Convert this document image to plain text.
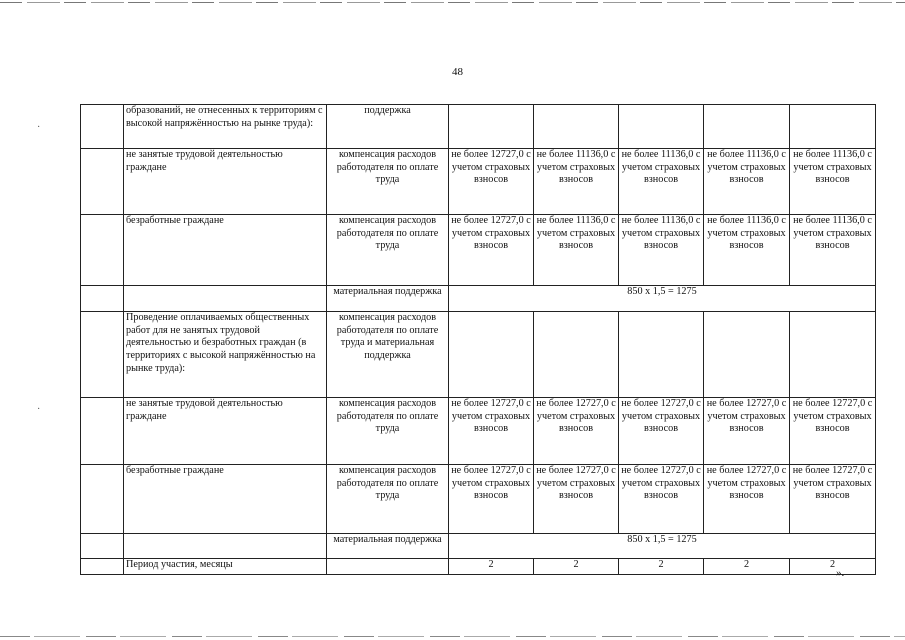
48
·
·
	образований, не отнесенных к территориям с высокой напряжённостью на рынке труда):	поддержка					
	не занятые трудовой деятельностью граждане	компенсация расходов работодателя по оплате труда	не более 12727,0 с учетом страховых взносов	не более 11136,0 с учетом страховых взносов	не более 11136,0 с учетом страховых взносов	не более 11136,0 с учетом страховых взносов	не более 11136,0 с учетом страховых взносов
	безработные граждане	компенсация расходов работодателя по оплате труда	не более 12727,0 с учетом страховых взносов	не более 11136,0 с учетом страховых взносов	не более 11136,0 с учетом страховых взносов	не более 11136,0 с учетом страховых взносов	не более 11136,0 с учетом страховых взносов
		материальная поддержка	850 x 1,5 = 1275				
	Проведение оплачиваемых общественных работ для не занятых трудовой деятельностью и безработных граждан (в территориях с высокой напряжённостью на рынке труда):	компенсация расходов работодателя по оплате труда и материальная поддержка					
	не занятые трудовой деятельностью граждане	компенсация расходов работодателя по оплате труда	не более 12727,0 с учетом страховых взносов	не более 12727,0 с учетом страховых взносов	не более 12727,0 с учетом страховых взносов	не более 12727,0 с учетом страховых взносов	не более 12727,0 с учетом страховых взносов
	безработные граждане	компенсация расходов работодателя по оплате труда	не более 12727,0 с учетом страховых взносов	не более 12727,0 с учетом страховых взносов	не более 12727,0 с учетом страховых взносов	не более 12727,0 с учетом страховых взносов	не более 12727,0 с учетом страховых взносов
		материальная поддержка	850 x 1,5 = 1275				
	Период участия, месяцы		2	2	2	2	2
».
